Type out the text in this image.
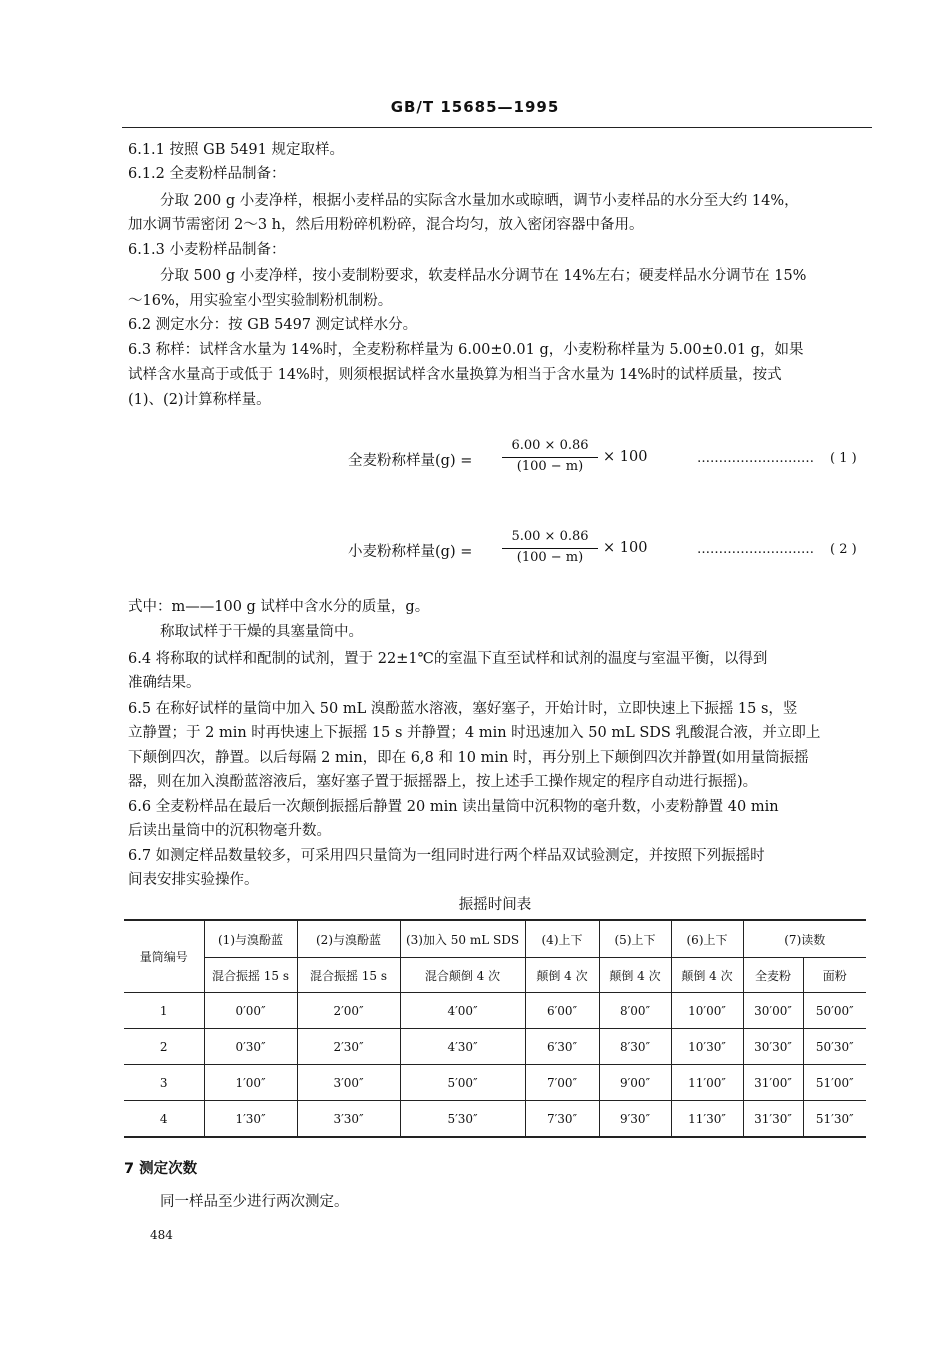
GB/T 15685—1995
6.1.1 按照 GB 5491 规定取样。
6.1.2 全麦粉样品制备：
分取 200 g 小麦净样，根据小麦样品的实际含水量加水或晾晒，调节小麦样品的水分至大约 14%，
加水调节需密闭 2～3 h，然后用粉碎机粉碎，混合均匀，放入密闭容器中备用。
6.1.3 小麦粉样品制备：
分取 500 g 小麦净样，按小麦制粉要求，软麦样品水分调节在 14%左右；硬麦样品水分调节在 15%
～16%，用实验室小型实验制粉机制粉。
6.2 测定水分：按 GB 5497 测定试样水分。
6.3 称样：试样含水量为 14%时，全麦粉称样量为 6.00±0.01 g，小麦粉称样量为 5.00±0.01 g，如果
试样含水量高于或低于 14%时，则须根据试样含水量换算为相当于含水量为 14%时的试样质量，按式
(1)、(2)计算称样量。
全麦粉称样量(g) =
6.00 × 0.86
(100 − m)
× 100	……………………… ( 1 )
小麦粉称样量(g) =
5.00 × 0.86
(100 − m)
× 100	……………………… ( 2 )
式中：m——100 g 试样中含水分的质量，g。
称取试样于干燥的具塞量筒中。
6.4 将称取的试样和配制的试剂，置于 22±1℃的室温下直至试样和试剂的温度与室温平衡，以得到
准确结果。
6.5 在称好试样的量筒中加入 50 mL 溴酚蓝水溶液，塞好塞子，开始计时，立即快速上下振摇 15 s，竖
立静置；于 2 min 时再快速上下振摇 15 s 并静置；4 min 时迅速加入 50 mL SDS 乳酸混合液，并立即上
下颠倒四次，静置。以后每隔 2 min，即在 6,8 和 10 min 时，再分别上下颠倒四次并静置(如用量筒振摇
器，则在加入溴酚蓝溶液后，塞好塞子置于振摇器上，按上述手工操作规定的程序自动进行振摇)。
6.6 全麦粉样品在最后一次颠倒振摇后静置 20 min 读出量筒中沉积物的毫升数，小麦粉静置 40 min
后读出量筒中的沉积物毫升数。
6.7 如测定样品数量较多，可采用四只量筒为一组同时进行两个样品双试验测定，并按照下列振摇时
间表安排实验操作。
振摇时间表
量筒编号	(1)与溴酚蓝	(2)与溴酚蓝	(3)加入 50 mL SDS	(4)上下	(5)上下	(6)上下	(7)读数	
	混合振摇 15 s	混合振摇 15 s	混合颠倒 4 次	颠倒 4 次	颠倒 4 次	颠倒 4 次	全麦粉	面粉
1	0′00″	2′00″	4′00″	6′00″	8′00″	10′00″	30′00″	50′00″
2	0′30″	2′30″	4′30″	6′30″	8′30″	10′30″	30′30″	50′30″
3	1′00″	3′00″	5′00″	7′00″	9′00″	11′00″	31′00″	51′00″
4	1′30″	3′30″	5′30″	7′30″	9′30″	11′30″	31′30″	51′30″
7 测定次数
同一样品至少进行两次测定。
484
